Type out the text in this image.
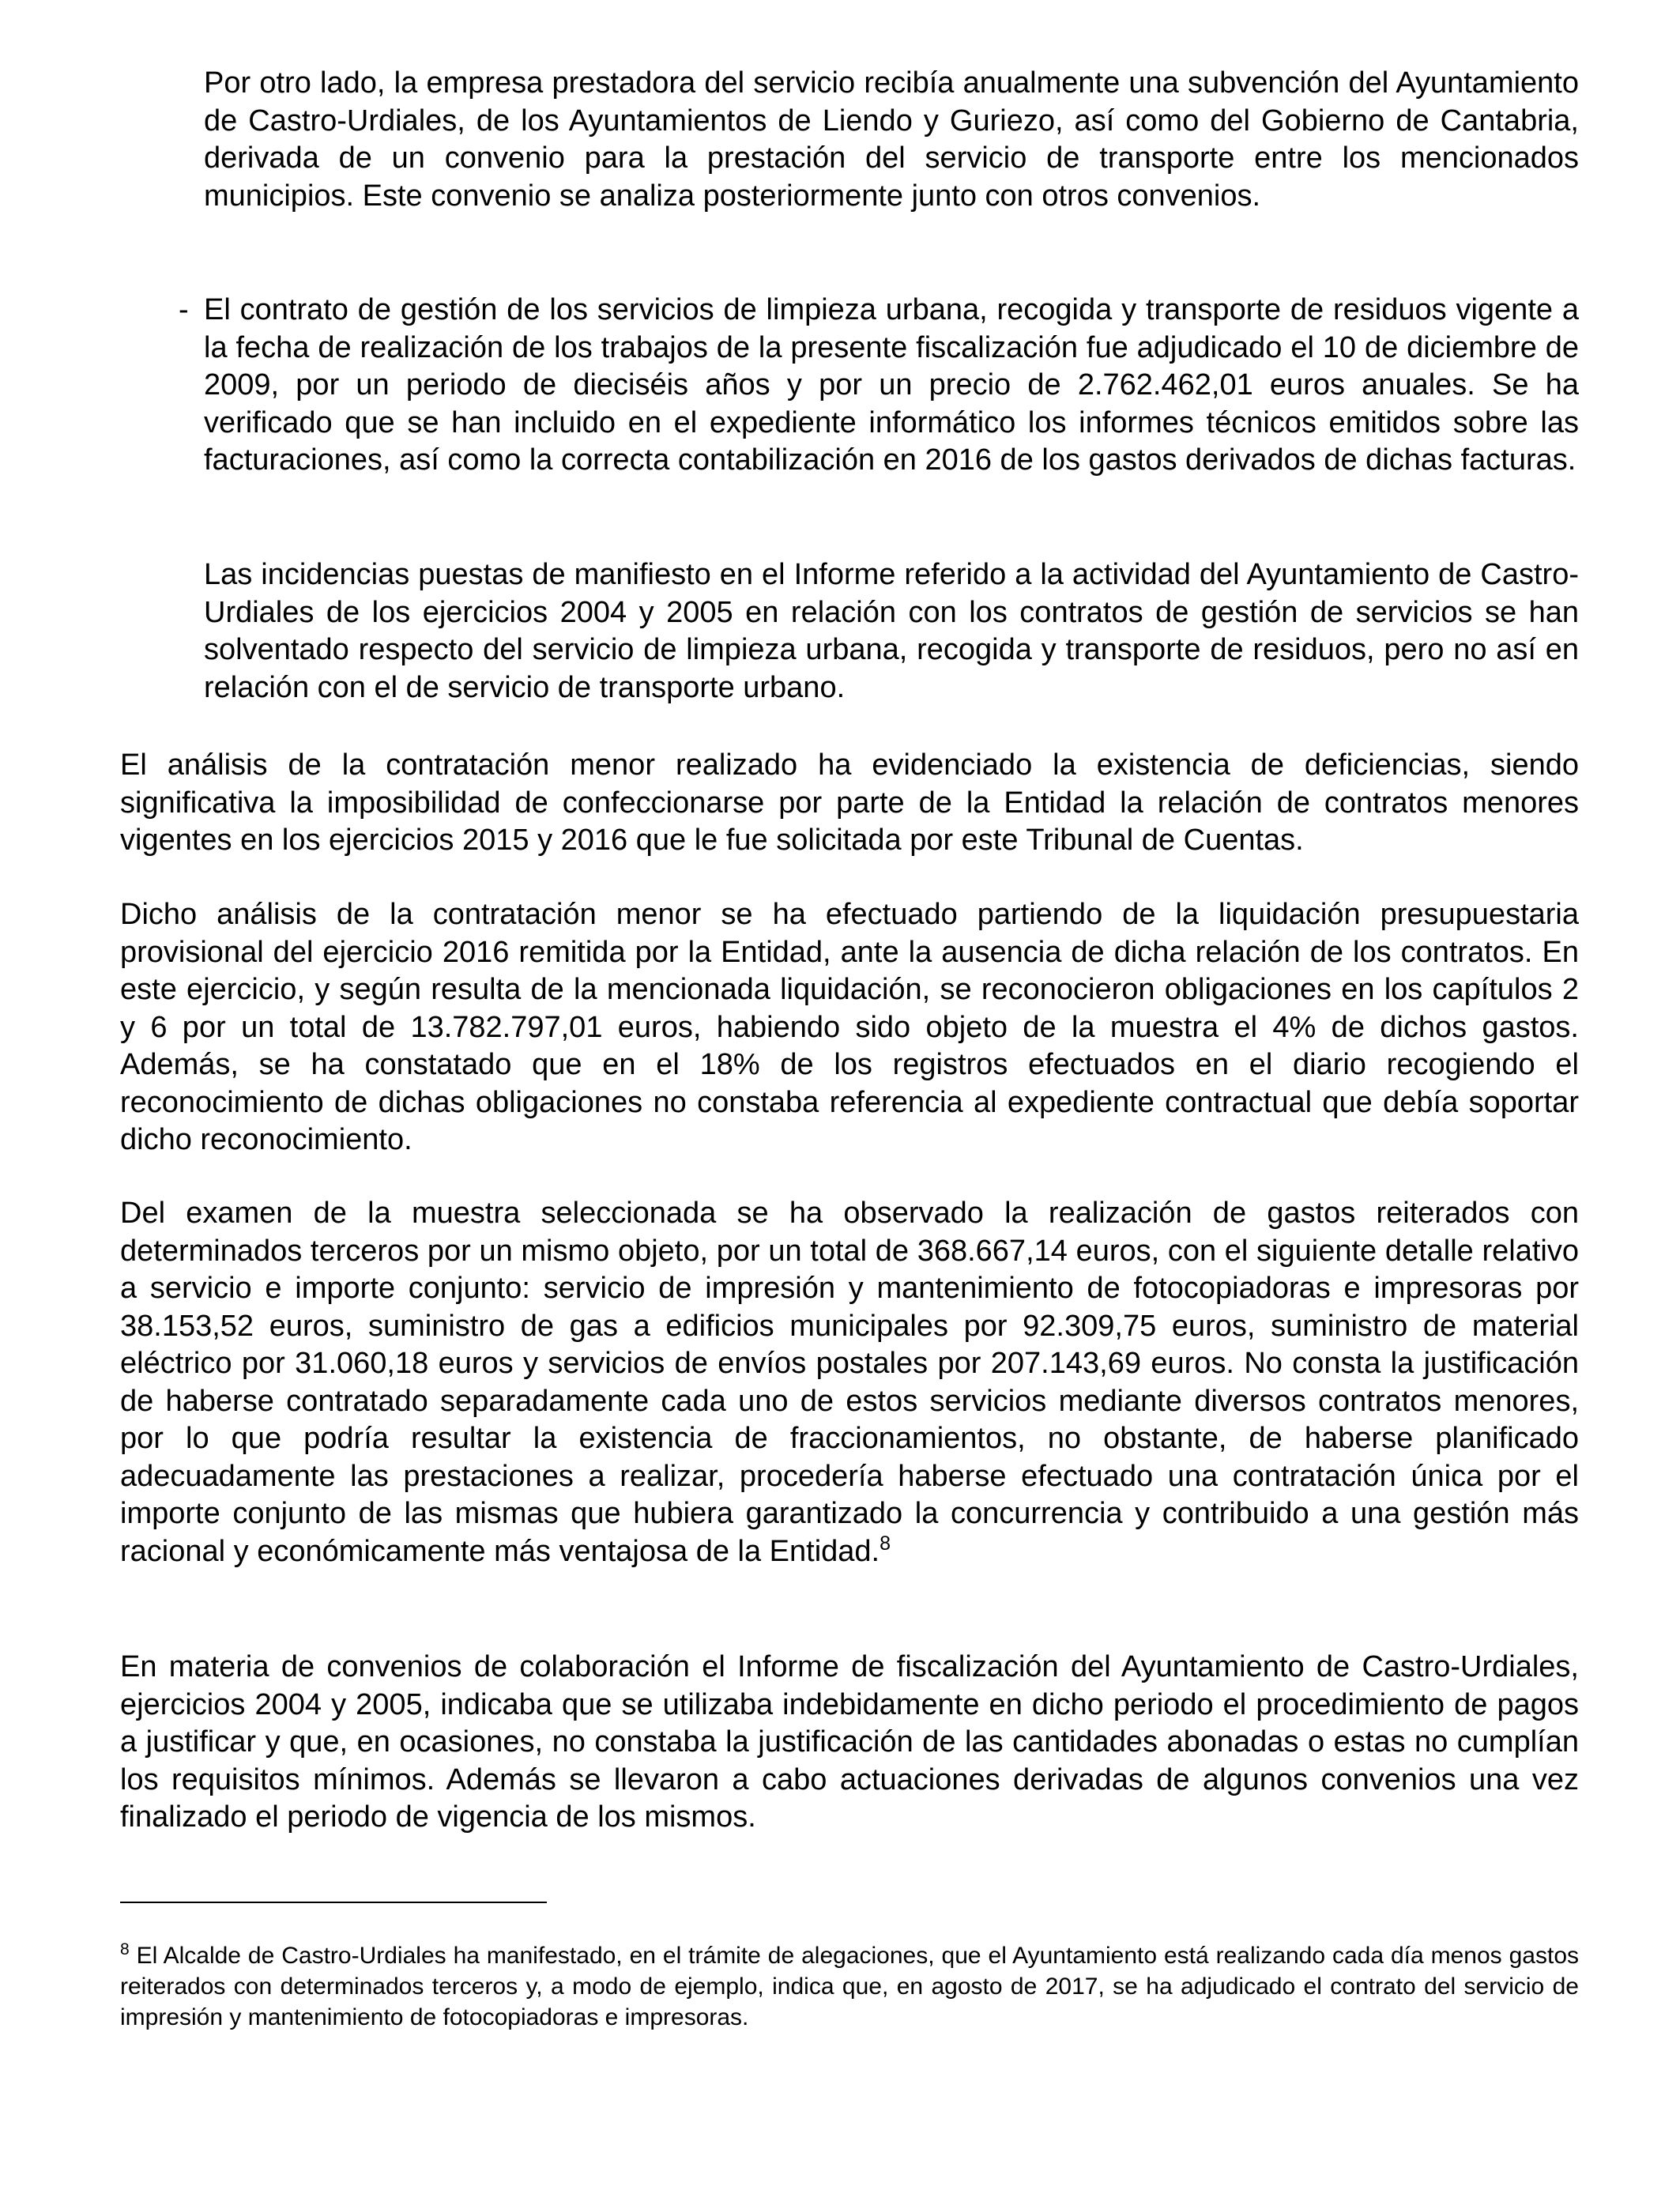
Por otro lado, la empresa prestadora del servicio recibía anualmente una subvención del Ayuntamiento de Castro-Urdiales, de los Ayuntamientos de Liendo y Guriezo, así como del Gobierno de Cantabria, derivada de un convenio para la prestación del servicio de transporte entre los mencionados municipios. Este convenio se analiza posteriormente junto con otros convenios.

- El contrato de gestión de los servicios de limpieza urbana, recogida y transporte de residuos vigente a la fecha de realización de los trabajos de la presente fiscalización fue adjudicado el 10 de diciembre de 2009, por un periodo de dieciséis años y por un precio de 2.762.462,01 euros anuales. Se ha verificado que se han incluido en el expediente informático los informes técnicos emitidos sobre las facturaciones, así como la correcta contabilización en 2016 de los gastos derivados de dichas facturas.

Las incidencias puestas de manifiesto en el Informe referido a la actividad del Ayuntamiento de Castro-Urdiales de los ejercicios 2004 y 2005 en relación con los contratos de gestión de servicios se han solventado respecto del servicio de limpieza urbana, recogida y transporte de residuos, pero no así en relación con el de servicio de transporte urbano.

El análisis de la contratación menor realizado ha evidenciado la existencia de deficiencias, siendo significativa la imposibilidad de confeccionarse por parte de la Entidad la relación de contratos menores vigentes en los ejercicios 2015 y 2016 que le fue solicitada por este Tribunal de Cuentas.

Dicho análisis de la contratación menor se ha efectuado partiendo de la liquidación presupuestaria provisional del ejercicio 2016 remitida por la Entidad, ante la ausencia de dicha relación de los contratos. En este ejercicio, y según resulta de la mencionada liquidación, se reconocieron obligaciones en los capítulos 2 y 6 por un total de 13.782.797,01 euros, habiendo sido objeto de la muestra el 4% de dichos gastos. Además, se ha constatado que en el 18% de los registros efectuados en el diario recogiendo el reconocimiento de dichas obligaciones no constaba referencia al expediente contractual que debía soportar dicho reconocimiento.

Del examen de la muestra seleccionada se ha observado la realización de gastos reiterados con determinados terceros por un mismo objeto, por un total de 368.667,14 euros, con el siguiente detalle relativo a servicio e importe conjunto: servicio de impresión y mantenimiento de fotocopiadoras e impresoras por 38.153,52 euros, suministro de gas a edificios municipales por 92.309,75 euros, suministro de material eléctrico por 31.060,18 euros y servicios de envíos postales por 207.143,69 euros. No consta la justificación de haberse contratado separadamente cada uno de estos servicios mediante diversos contratos menores, por lo que podría resultar la existencia de fraccionamientos, no obstante, de haberse planificado adecuadamente las prestaciones a realizar, procedería haberse efectuado una contratación única por el importe conjunto de las mismas que hubiera garantizado la concurrencia y contribuido a una gestión más racional y económicamente más ventajosa de la Entidad.$^8$

En materia de convenios de colaboración el Informe de fiscalización del Ayuntamiento de Castro-Urdiales, ejercicios 2004 y 2005, indicaba que se utilizaba indebidamente en dicho periodo el procedimiento de pagos a justificar y que, en ocasiones, no constaba la justificación de las cantidades abonadas o estas no cumplían los requisitos mínimos. Además se llevaron a cabo actuaciones derivadas de algunos convenios una vez finalizado el periodo de vigencia de los mismos.

$^8$ El Alcalde de Castro-Urdiales ha manifestado, en el trámite de alegaciones, que el Ayuntamiento está realizando cada día menos gastos reiterados con determinados terceros y, a modo de ejemplo, indica que, en agosto de 2017, se ha adjudicado el contrato del servicio de impresión y mantenimiento de fotocopiadoras e impresoras.
